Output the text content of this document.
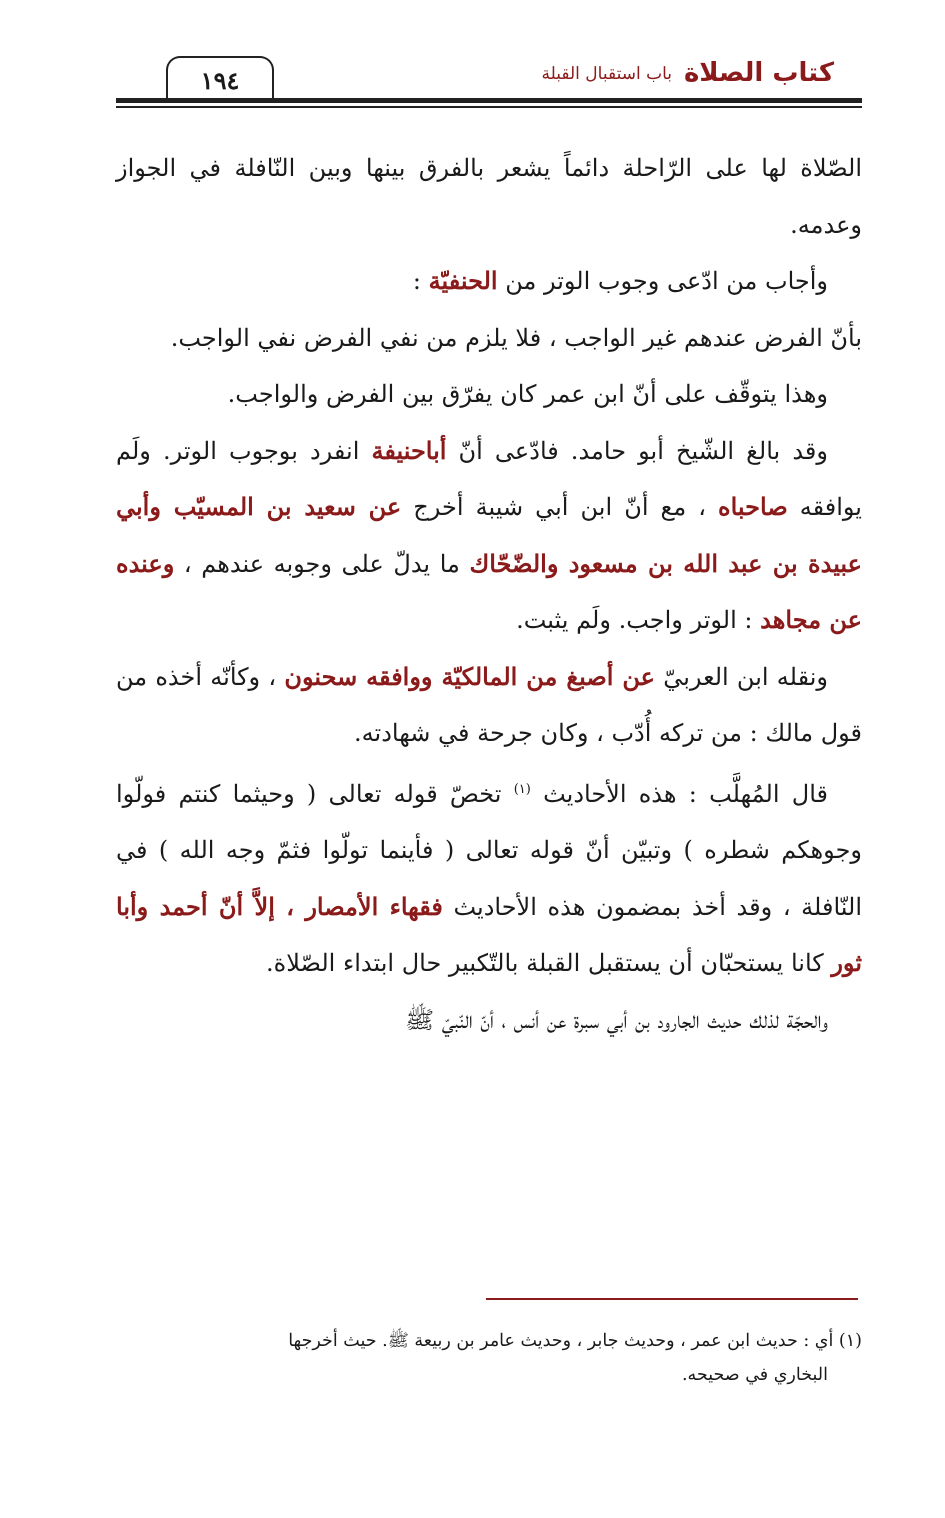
كتاب الصلاة
باب استقبال القبلة
١٩٤

الصّلاة لها على الرّاحلة دائماً يشعر بالفرق بينها وبين النّافلة في الجواز وعدمه.

وأجاب من ادّعى وجوب الوتر من الحنفيّة :

بأنّ الفرض عندهم غير الواجب ، فلا يلزم من نفي الفرض نفي الواجب.

وهذا يتوقّف على أنّ ابن عمر كان يفرّق بين الفرض والواجب.

وقد بالغ الشّيخ أبو حامد. فادّعى أنّ أباحنيفة انفرد بوجوب الوتر. ولَم يوافقه صاحباه ، مع أنّ ابن أبي شيبة أخرج عن سعيد بن المسيّب وأبي عبيدة بن عبد الله بن مسعود والضّحّاك ما يدلّ على وجوبه عندهم ، وعنده عن مجاهد : الوتر واجب. ولَم يثبت.

ونقله ابن العربيّ عن أصبغ من المالكيّة ووافقه سحنون ، وكأنّه أخذه من قول مالك : من تركه أُدّب ، وكان جرحة في شهادته.

قال المُهلَّب : هذه الأحاديث $^{(١)}$ تخصّ قوله تعالى ( وحيثما كنتم فولّوا وجوهكم شطره ) وتبيّن أنّ قوله تعالى ( فأينما تولّوا فثمّ وجه الله ) في النّافلة ، وقد أخذ بمضمون هذه الأحاديث فقهاء الأمصار ، إلاَّ أنّ أحمد وأبا ثور كانا يستحبّان أن يستقبل القبلة بالتّكبير حال ابتداء الصّلاة.

والحجّة لذلك حديث الجارود بن أبي سبرة عن أنس ، أنّ النّبيّ ﷺ

(١) أي : حديث ابن عمر ، وحديث جابر ، وحديث عامر بن ربيعة ﷺ. حيث أخرجها

البخاري في صحيحه.
